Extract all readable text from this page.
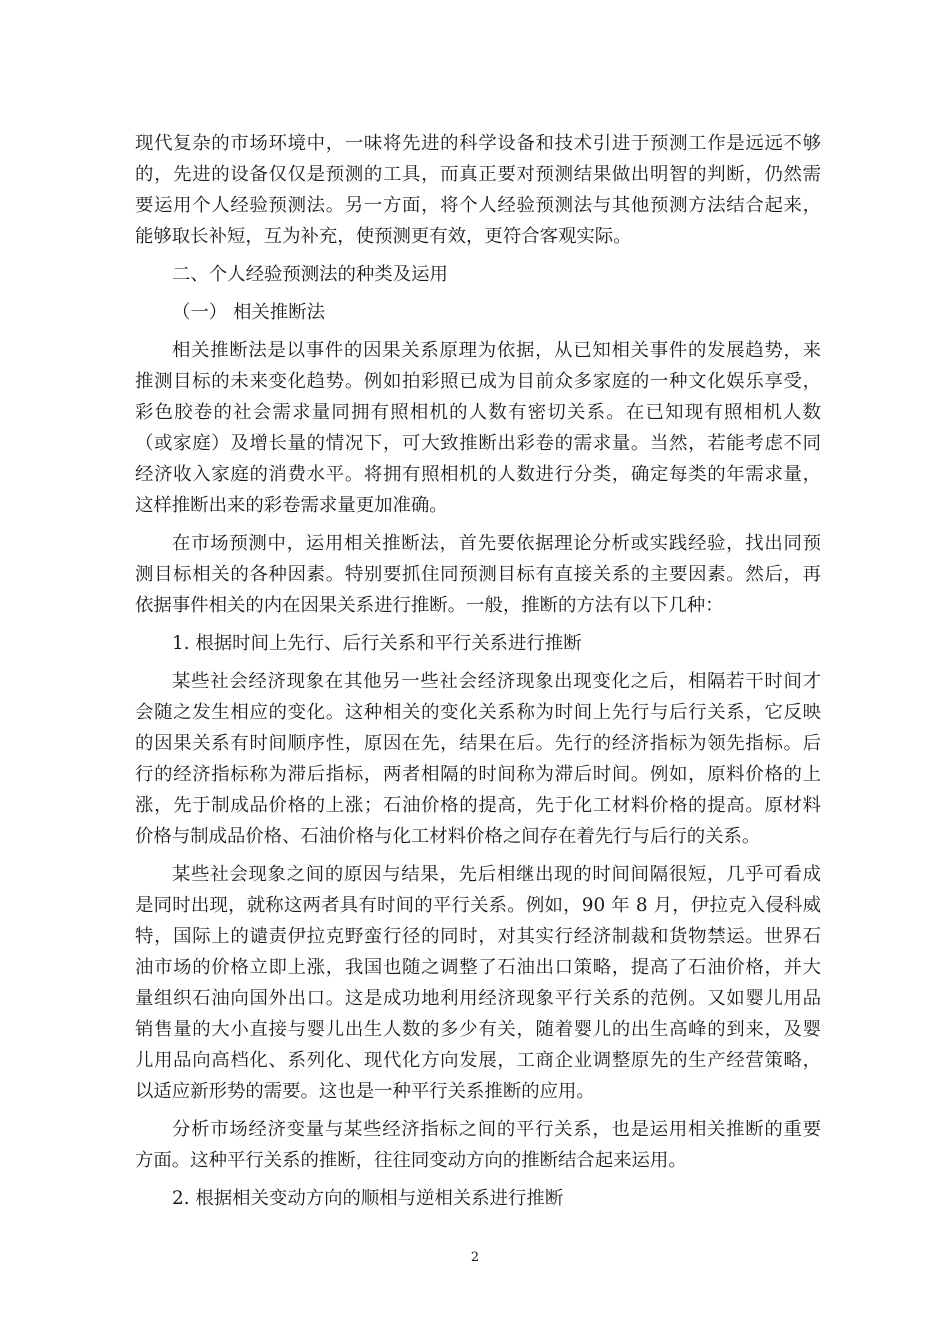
现代复杂的市场环境中，一味将先进的科学设备和技术引进于预测工作是远远不够
的，先进的设备仅仅是预测的工具，而真正要对预测结果做出明智的判断，仍然需
要运用个人经验预测法。另一方面，将个人经验预测法与其他预测方法结合起来，
能够取长补短，互为补充，使预测更有效，更符合客观实际。
二、个人经验预测法的种类及运用
（一） 相关推断法
相关推断法是以事件的因果关系原理为依据，从已知相关事件的发展趋势，来
推测目标的未来变化趋势。例如拍彩照已成为目前众多家庭的一种文化娱乐享受，
彩色胶卷的社会需求量同拥有照相机的人数有密切关系。在已知现有照相机人数
（或家庭）及增长量的情况下，可大致推断出彩卷的需求量。当然，若能考虑不同
经济收入家庭的消费水平。将拥有照相机的人数进行分类，确定每类的年需求量，
这样推断出来的彩卷需求量更加准确。
在市场预测中，运用相关推断法，首先要依据理论分析或实践经验，找出同预
测目标相关的各种因素。特别要抓住同预测目标有直接关系的主要因素。然后，再
依据事件相关的内在因果关系进行推断。一般，推断的方法有以下几种：
1. 根据时间上先行、后行关系和平行关系进行推断
某些社会经济现象在其他另一些社会经济现象出现变化之后，相隔若干时间才
会随之发生相应的变化。这种相关的变化关系称为时间上先行与后行关系，它反映
的因果关系有时间顺序性，原因在先，结果在后。先行的经济指标为领先指标。后
行的经济指标称为滞后指标，两者相隔的时间称为滞后时间。例如，原料价格的上
涨，先于制成品价格的上涨；石油价格的提高，先于化工材料价格的提高。原材料
价格与制成品价格、石油价格与化工材料价格之间存在着先行与后行的关系。
某些社会现象之间的原因与结果，先后相继出现的时间间隔很短，几乎可看成
是同时出现，就称这两者具有时间的平行关系。例如，90 年 8 月，伊拉克入侵科威
特，国际上的谴责伊拉克野蛮行径的同时，对其实行经济制裁和货物禁运。世界石
油市场的价格立即上涨，我国也随之调整了石油出口策略，提高了石油价格，并大
量组织石油向国外出口。这是成功地利用经济现象平行关系的范例。又如婴儿用品
销售量的大小直接与婴儿出生人数的多少有关，随着婴儿的出生高峰的到来，及婴
儿用品向高档化、系列化、现代化方向发展，工商企业调整原先的生产经营策略，
以适应新形势的需要。这也是一种平行关系推断的应用。
分析市场经济变量与某些经济指标之间的平行关系，也是运用相关推断的重要
方面。这种平行关系的推断，往往同变动方向的推断结合起来运用。
2. 根据相关变动方向的顺相与逆相关系进行推断
2
